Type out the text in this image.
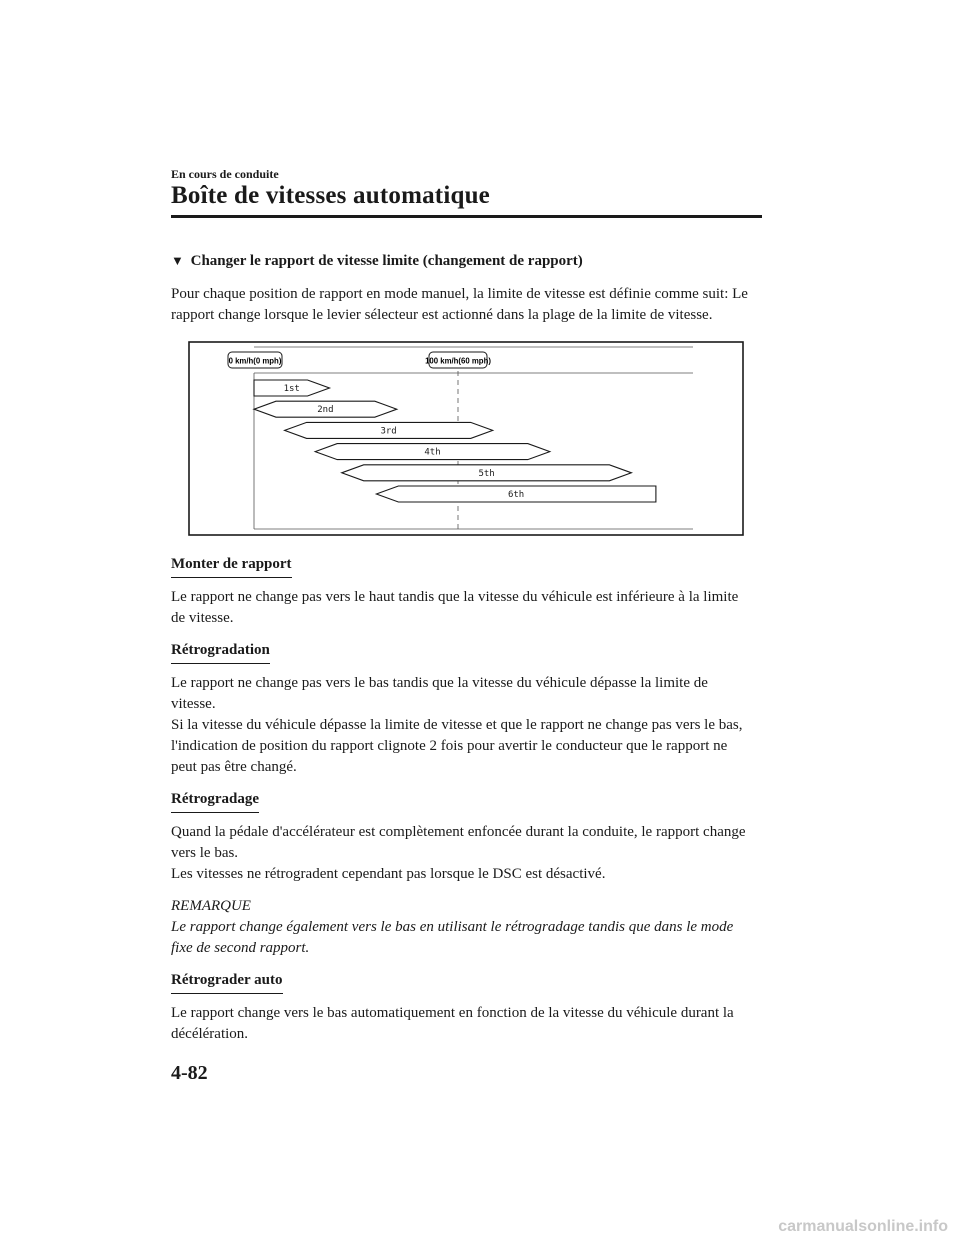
En cours de conduite
Boîte de vitesses automatique

▼ Changer le rapport de vitesse limite (changement de rapport)

Pour chaque position de rapport en mode manuel, la limite de vitesse est définie comme suit: Le rapport change lorsque le levier sélecteur est actionné dans la plage de la limite de vitesse.

1st
2nd
3rd
4th
5th
6th
0 km/h(0 mph)	100 km/h(60 mph)
Monter de rapport

Le rapport ne change pas vers le haut tandis que la vitesse du véhicule est inférieure à la limite de vitesse.

Rétrogradation

Le rapport ne change pas vers le bas tandis que la vitesse du véhicule dépasse la limite de vitesse.

Si la vitesse du véhicule dépasse la limite de vitesse et que le rapport ne change pas vers le bas, l'indication de position du rapport clignote 2 fois pour avertir le conducteur que le rapport ne peut pas être changé.

Rétrogradage

Quand la pédale d'accélérateur est complètement enfoncée durant la conduite, le rapport change vers le bas.

Les vitesses ne rétrogradent cependant pas lorsque le DSC est désactivé.

REMARQUE

Le rapport change également vers le bas en utilisant le rétrogradage tandis que dans le mode fixe de second rapport.

Rétrograder auto

Le rapport change vers le bas automatiquement en fonction de la vitesse du véhicule durant la décélération.

4-82
carmanualsonline.info
